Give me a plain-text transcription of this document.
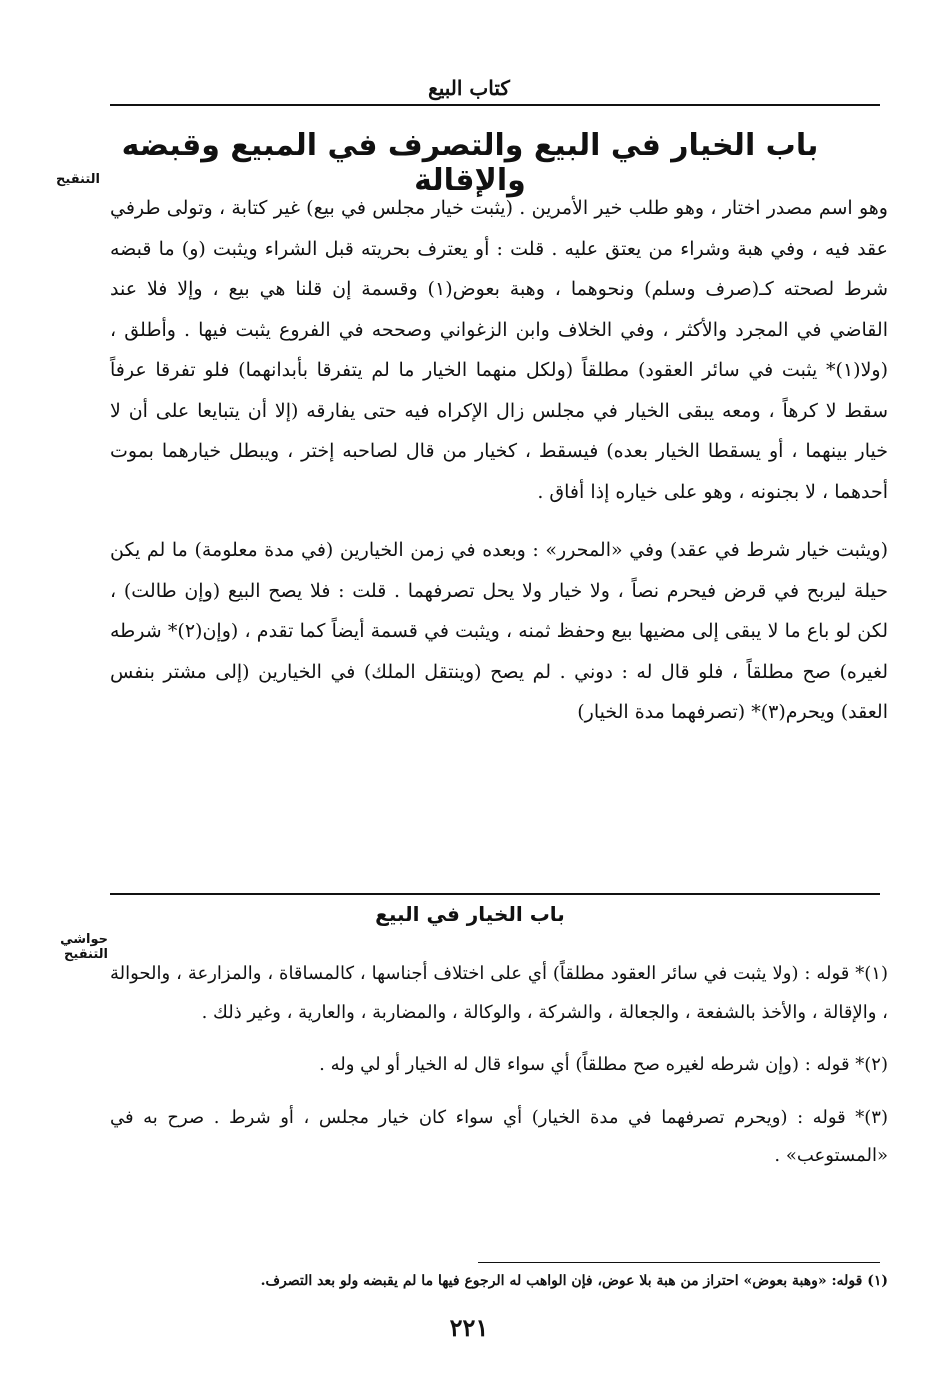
كتاب البيع
التنقيح
باب الخيار في البيع والتصرف في المبيع وقبضه والإقالة

وهو اسم مصدر اختار ، وهو طلب خير الأمرين . (يثبت خيار مجلس في بيع) غير كتابة ، وتولى طرفي عقد فيه ، وفي هبة وشراء من يعتق عليه . قلت : أو يعترف بحريته قبل الشراء ويثبت (و) ما قبضه شرط لصحته كـ(صرف وسلم) ونحوهما ، وهبة بعوض(١) وقسمة إن قلنا هي بيع ، وإلا فلا عند القاضي في المجرد والأكثر ، وفي الخلاف وابن الزغواني وصححه في الفروع يثبت فيها . وأطلق ، (ولا(١)* يثبت في سائر العقود) مطلقاً (ولكل منهما الخيار ما لم يتفرقا بأبدانهما) فلو تفرقا عرفاً سقط لا كرهاً ، ومعه يبقى الخيار في مجلس زال الإكراه فيه حتى يفارقه (إلا أن يتبايعا على أن لا خيار بينهما ، أو يسقطا الخيار بعده) فيسقط ، كخيار من قال لصاحبه إختر ، ويبطل خيارهما بموت أحدهما ، لا بجنونه ، وهو على خياره إذا أفاق .

(ويثبت خيار شرط في عقد) وفي «المحرر» : وبعده في زمن الخيارين (في مدة معلومة) ما لم يكن حيلة ليربح في قرض فيحرم نصاً ، ولا خيار ولا يحل تصرفهما . قلت : فلا يصح البيع (وإن طالت) ، لكن لو باع ما لا يبقى إلى مضيها بيع وحفظ ثمنه ، ويثبت في قسمة أيضاً كما تقدم ، (وإن(٢)* شرطه لغيره) صح مطلقاً ، فلو قال له : دوني . لم يصح (وينتقل الملك) في الخيارين (إلى مشتر بنفس العقد) ويحرم(٣)* (تصرفهما مدة الخيار)

حواشي التنقيح
باب الخيار في البيع

(١)* قوله : (ولا يثبت في سائر العقود مطلقاً) أي على اختلاف أجناسها ، كالمساقاة ، والمزارعة ، والحوالة ، والإقالة ، والأخذ بالشفعة ، والجعالة ، والشركة ، والوكالة ، والمضاربة ، والعارية ، وغير ذلك .

(٢)* قوله : (وإن شرطه لغيره صح مطلقاً) أي سواء قال له الخيار أو لي وله .

(٣)* قوله : (ويحرم تصرفهما في مدة الخيار) أي سواء كان خيار مجلس ، أو شرط . صرح به في «المستوعب» .

(١) قوله: «وهبة بعوض» احتراز من هبة بلا عوض، فإن الواهب له الرجوع فيها ما لم يقبضه ولو بعد التصرف.
٢٢١
